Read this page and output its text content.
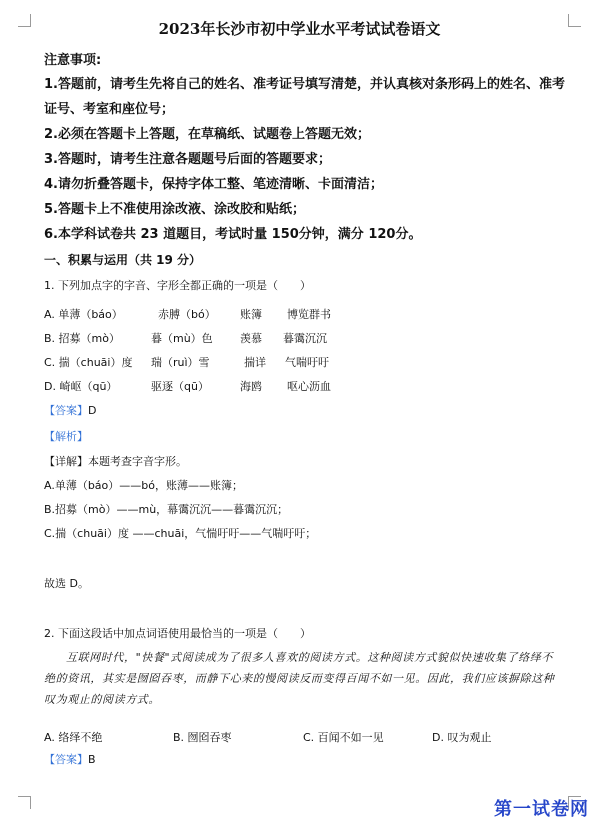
2023年长沙市初中学业水平考试试卷语文
注意事项:
1.答题前，请考生先将自己的姓名、准考证号填写清楚，并认真核对条形码上的姓名、准考
证号、考室和座位号；
2.必须在答题卡上答题，在草稿纸、试题卷上答题无效；
3.答题时，请考生注意各题题号后面的答题要求；
4.请勿折叠答题卡，保持字体工整、笔迹清晰、卡面清洁；
5.答题卡上不准使用涂改液、涂改胶和贴纸；
6.本学科试卷共 23 道题目，考试时量 150分钟，满分 120分。
一、积累与运用（共 19 分）
1. 下列加点字的字音、字形全都正确的一项是（　　）
A. 单薄（báo）	赤膊（bó） 账簿 博览群书
B. 招募（mò）	暮（mù）色 羡慕 暮霭沉沉
C. 揣（chuāi）度 瑞（ruì）雪	揣详 气喘吁吁
D. 崎岖（qū）	驱逐（qū）	海鸥 呕心沥血
【答案】D
【解析】
【详解】本题考查字音字形。
A.单薄（báo）——bó，账薄——账簿；
B.招募（mò）——mù，幕霭沉沉——暮霭沉沉；
C.揣（chuāi）度 ——chuāi，气惴吁吁——气喘吁吁；
故选 D。
2. 下面这段话中加点词语使用最恰当的一项是（　　）
互联网时代，"快餐"式阅读成为了很多人喜欢的阅读方式。这种阅读方式貌似快速收集了络绎不绝的资讯，其实是囫囵吞枣，而静下心来的慢阅读反而变得百闻不如一见。因此，我们应该摒除这种叹为观止的阅读方式。
A. 络绎不绝	B. 囫囵吞枣	C. 百闻不如一见	D. 叹为观止
【答案】B
第一试卷网
